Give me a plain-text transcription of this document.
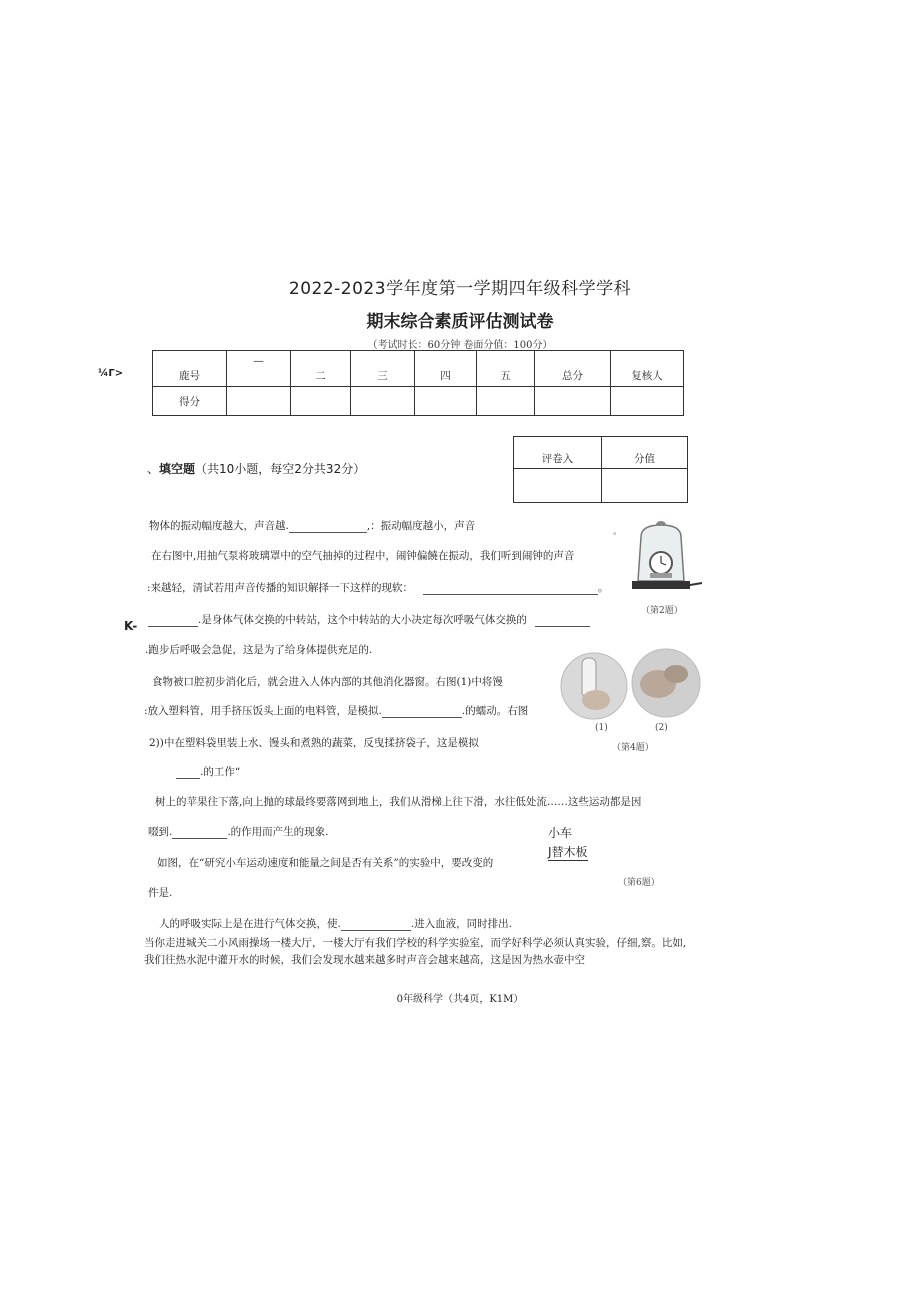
2022-2023学年度第一学期四年级科学学科
期末综合素质评估测试卷
（考试时长：60分钟 卷面分值：100分）
¼Γ>	鹿号	—	二	三	四	五	总分	复核人
得分							
评卷入	分值

、填空题（共10小题，每空2分共32分）
物体的振动幅度越大，声音越.	,：振动幅度越小，声音
在右图中,用抽气泵将玻璃罩中的空气抽掉的过程中，闹钟偏饒在振动，我们听到闹钟的声音
:来越轻，清试若用声音传播的知识解择一下这样的现软：	。
。
（第2题）
K-	.是身体气体交换的中转站，这个中转站的大小决定每次呼吸气体交换的
.跑步后呼吸会急促，这是为了给身体提供充足的.
食物被口腔初步消化后，就会进入人体内部的其他消化器窗。右图(1)中将馒
:放入塑料管，用手挤压饭头上面的电料管，是模拟.	.的蠕动。右图
2))中在塑料袋里装上水、馒头和煮熟的蔬菜，反曳揉挤袋子，这是模拟
.的工作“
(1)	(2)
（第4题）
树上的苹果往下落,向上抛的球最终要落网到地上，我们从滑梯上往下滑，水往低处流……这些运动都是因
啜到.	.的作用而产生的现象.	小车
J替木板
（第6题）
如图，在“研究小车运动速度和能量之间是否有关系”的实验中，要改变的
件是.
人的呼吸实际上是在进行气体交换，使.	.进入血液，同时排出.
当你走进城关二小风雨操场一楼大厅，一楼大厅有我们学校的科学实验室，而学好科学必须认真实验，仔细,察。比如,
我们往热水泥中灌开水的时候，我们会发现水越来越多时声音会越来越高，这是因为热水壶中空
0年级科学（共4页，K1M）
